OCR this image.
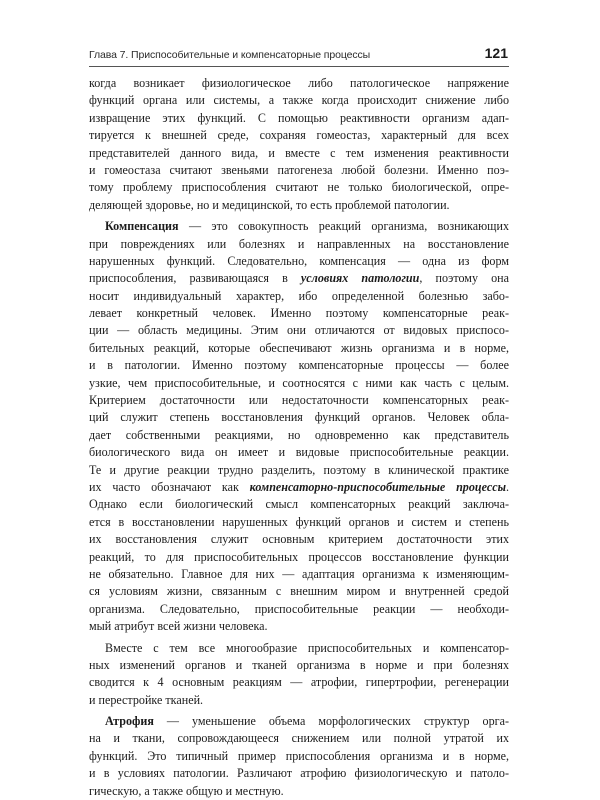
Глава 7. Приспособительные и компенсаторные процессы	121
когда возникает физиологическое либо патологическое напряжение
функций органа или системы, а также когда происходит снижение либо
извращение этих функций. С помощью реактивности организм адап-
тируется к внешней среде, сохраняя гомеостаз, характерный для всех
представителей данного вида, и вместе с тем изменения реактивности
и гомеостаза считают звеньями патогенеза любой болезни. Именно поэ-
тому проблему приспособления считают не только биологической, опре-
деляющей здоровье, но и медицинской, то есть проблемой патологии.
Компенсация — это совокупность реакций организма, возникающих
при повреждениях или болезнях и направленных на восстановление
нарушенных функций. Следовательно, компенсация — одна из форм
приспособления, развивающаяся в условиях патологии, поэтому она
носит индивидуальный характер, ибо определенной болезнью забо-
левает конкретный человек. Именно поэтому компенсаторные реак-
ции — область медицины. Этим они отличаются от видовых приспосо-
бительных реакций, которые обеспечивают жизнь организма и в норме,
и в патологии. Именно поэтому компенсаторные процессы — более
узкие, чем приспособительные, и соотносятся с ними как часть с целым.
Критерием достаточности или недостаточности компенсаторных реак-
ций служит степень восстановления функций органов. Человек обла-
дает собственными реакциями, но одновременно как представитель
биологического вида он имеет и видовые приспособительные реакции.
Те и другие реакции трудно разделить, поэтому в клинической практике
их часто обозначают как компенсаторно-приспособительные процессы.
Однако если биологический смысл компенсаторных реакций заключа-
ется в восстановлении нарушенных функций органов и систем и степень
их восстановления служит основным критерием достаточности этих
реакций, то для приспособительных процессов восстановление функции
не обязательно. Главное для них — адаптация организма к изменяющим-
ся условиям жизни, связанным с внешним миром и внутренней средой
организма. Следовательно, приспособительные реакции — необходи-
мый атрибут всей жизни человека.
Вместе с тем все многообразие приспособительных и компенсатор-
ных изменений органов и тканей организма в норме и при болезнях
сводится к 4 основным реакциям — атрофии, гипертрофии, регенерации
и перестройке тканей.
Атрофия — уменьшение объема морфологических структур орга-
на и ткани, сопровождающееся снижением или полной утратой их
функций. Это типичный пример приспособления организма и в норме,
и в условиях патологии. Различают атрофию физиологическую и патоло-
гическую, а также общую и местную.
